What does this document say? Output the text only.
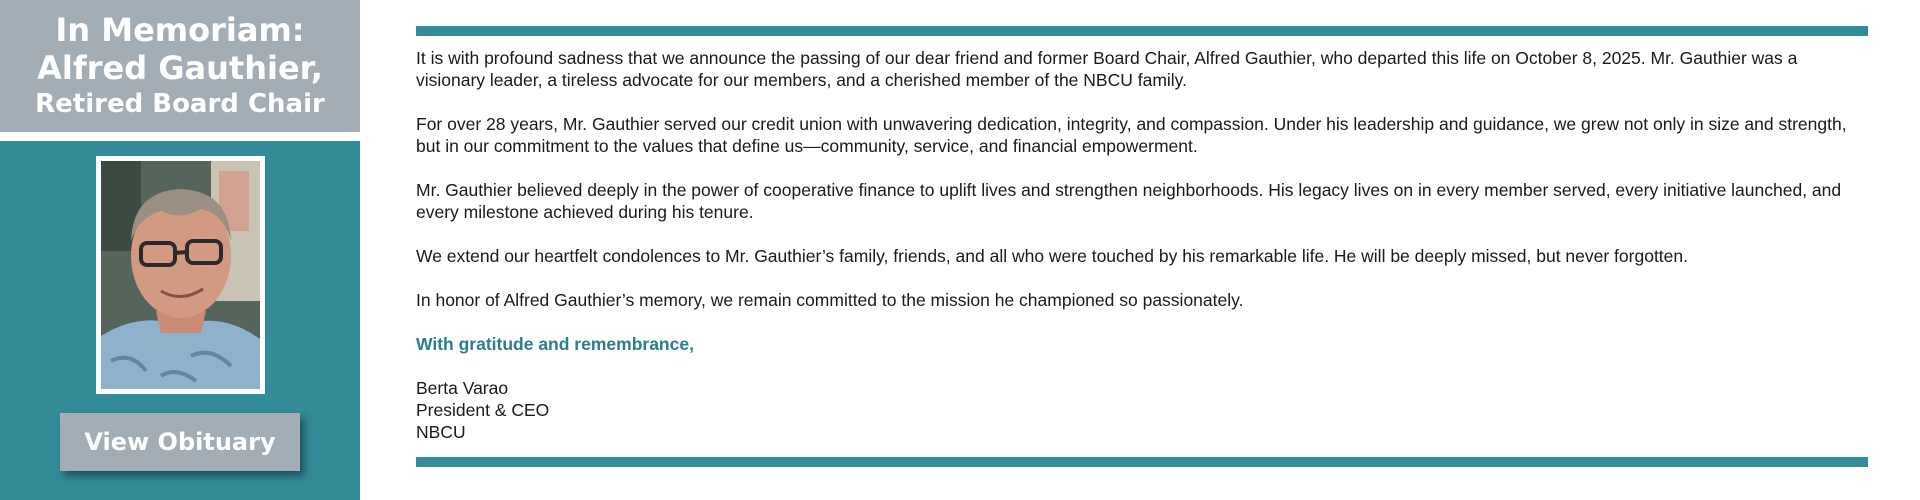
In Memoriam:
Alfred Gauthier,
Retired Board Chair
View Obituary

It is with profound sadness that we announce the passing of our dear friend and former Board Chair, Alfred Gauthier, who departed this life on October 8, 2025. Mr. Gauthier was a visionary leader, a tireless advocate for our members, and a cherished member of the NBCU family.

For over 28 years, Mr. Gauthier served our credit union with unwavering dedication, integrity, and compassion. Under his leadership and guidance, we grew not only in size and strength, but in our commitment to the values that define us—community, service, and financial empowerment.

Mr. Gauthier believed deeply in the power of cooperative finance to uplift lives and strengthen neighborhoods. His legacy lives on in every member served, every initiative launched, and every milestone achieved during his tenure.

We extend our heartfelt condolences to Mr. Gauthier’s family, friends, and all who were touched by his remarkable life. He will be deeply missed, but never forgotten.

In honor of Alfred Gauthier’s memory, we remain committed to the mission he championed so passionately.

With gratitude and remembrance,

Berta Varao
President & CEO
NBCU
